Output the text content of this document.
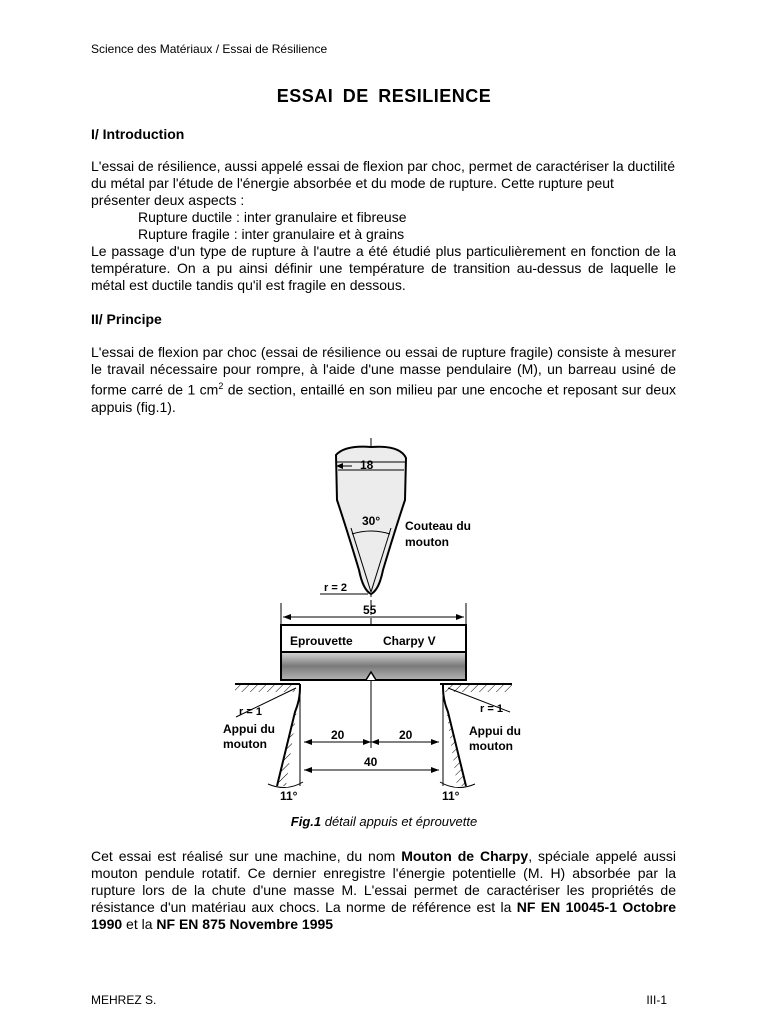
Science des Matériaux / Essai de Résilience
ESSAI DE RESILIENCE
I/ Introduction
L'essai de résilience, aussi appelé essai de flexion par choc, permet de caractériser la ductilité du métal par l'étude de l'énergie absorbée et du mode de rupture. Cette rupture peut présenter deux aspects :
Rupture ductile : inter granulaire et fibreuse
Rupture fragile : inter granulaire et à grains
Le passage d'un type de rupture à l'autre a été étudié plus particulièrement en fonction de la température. On a pu ainsi définir une température de transition au-dessus de laquelle le métal est ductile tandis qu'il est fragile en dessous.
II/ Principe
L'essai de flexion par choc (essai de résilience ou essai de rupture fragile) consiste à mesurer le travail nécessaire pour rompre, à l'aide d'une masse pendulaire (M), un barreau usiné de forme carré de 1 $cm^2$ de section, entaillé en son milieu par une encoche et reposant sur deux appuis (fig.1).
18
30° Couteau du
mouton
r = 2
55
Eprouvette	Charpy V
r = 1	r = 1
Appui du
mouton
Appui du
mouton
20	20
40
11°	11°
Fig.1 détail appuis et éprouvette
Cet essai est réalisé sur une machine, du nom Mouton de Charpy, spéciale appelé aussi mouton pendule rotatif. Ce dernier enregistre l'énergie potentielle (M. H) absorbée par la rupture lors de la chute d'une masse M. L'essai permet de caractériser les propriétés de résistance d'un matériau aux chocs. La norme de référence est la NF EN 10045-1 Octobre 1990 et la NF EN 875 Novembre 1995
MEHREZ S.	III-1
